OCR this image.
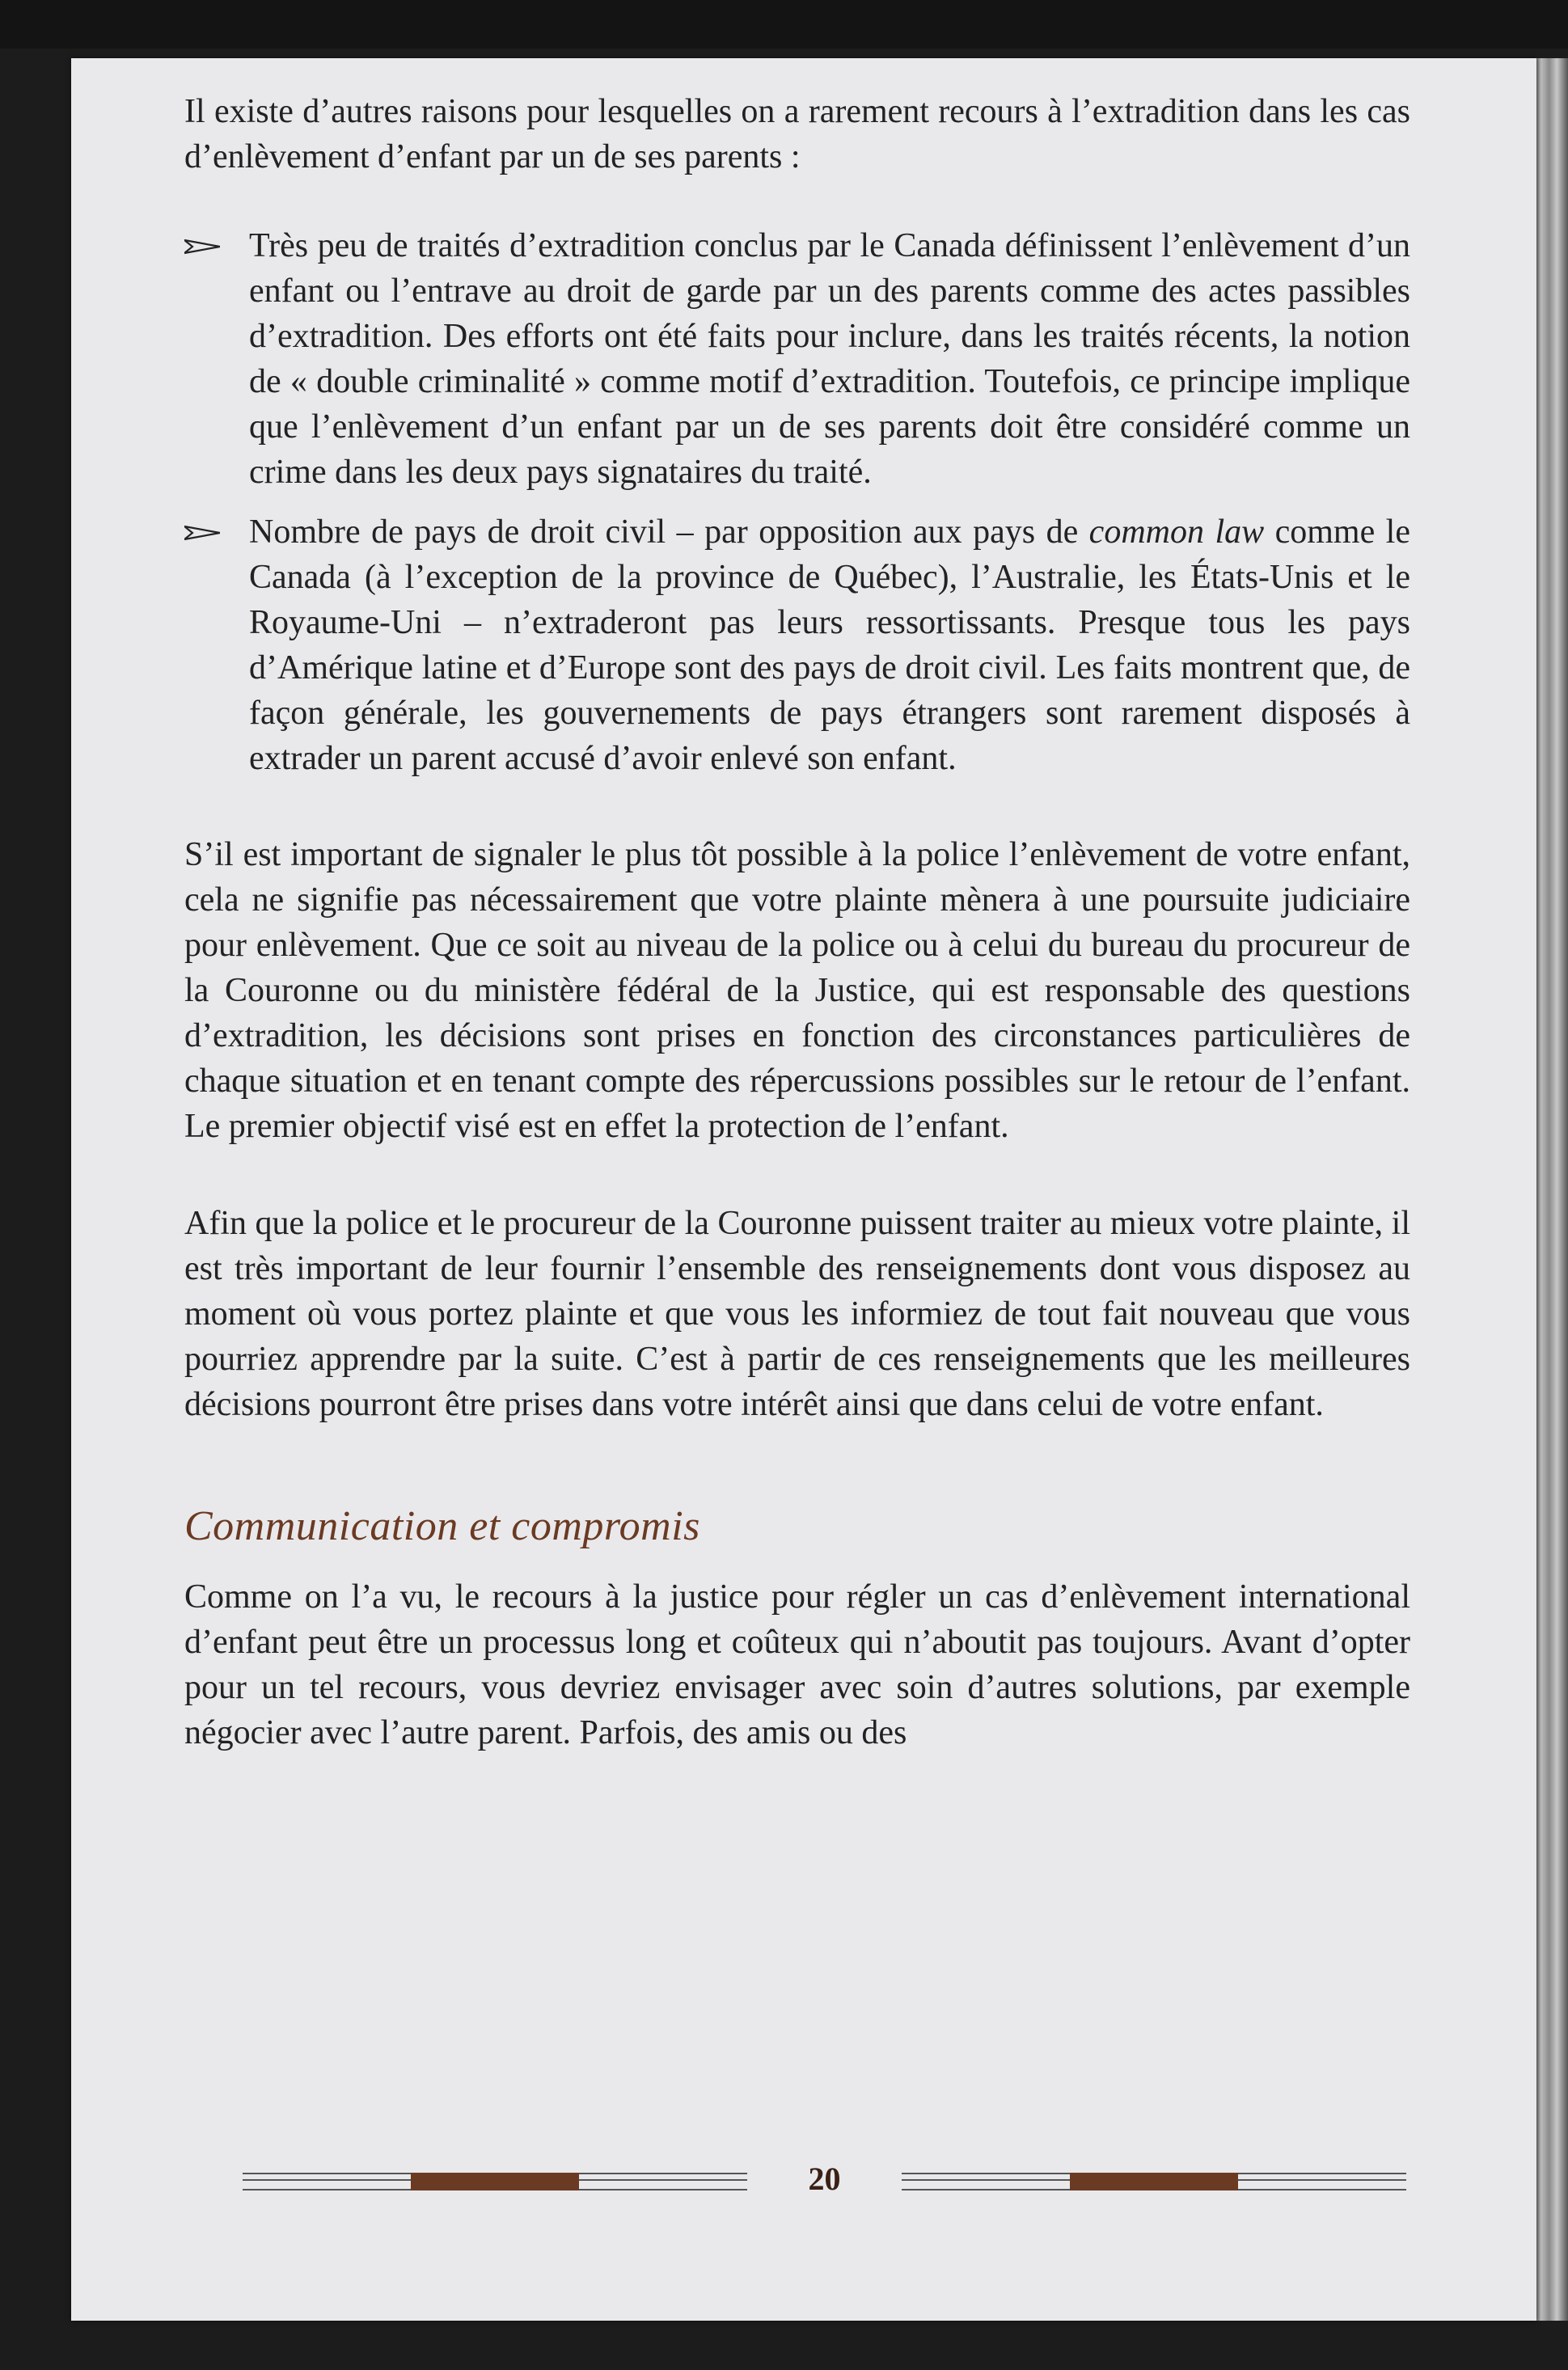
Il existe d’autres raisons pour lesquelles on a rarement recours à l’extradition dans les cas d’enlèvement d’enfant par un de ses parents :

Très peu de traités d’extradition conclus par le Canada définissent l’enlèvement d’un enfant ou l’entrave au droit de garde par un des parents comme des actes passibles d’extradition. Des efforts ont été faits pour inclure, dans les traités récents, la notion de « double criminalité » comme motif d’extradition. Toutefois, ce principe implique que l’enlèvement d’un enfant par un de ses parents doit être considéré comme un crime dans les deux pays signataires du traité.
Nombre de pays de droit civil – par opposition aux pays de common law comme le Canada (à l’exception de la province de Québec), l’Australie, les États-Unis et le Royaume-Uni – n’extraderont pas leurs ressortissants. Presque tous les pays d’Amérique latine et d’Europe sont des pays de droit civil. Les faits montrent que, de façon générale, les gouvernements de pays étrangers sont rarement disposés à extrader un parent accusé d’avoir enlevé son enfant.

S’il est important de signaler le plus tôt possible à la police l’enlèvement de votre enfant, cela ne signifie pas nécessairement que votre plainte mènera à une poursuite judiciaire pour enlèvement. Que ce soit au niveau de la police ou à celui du bureau du procureur de la Couronne ou du ministère fédéral de la Justice, qui est responsable des questions d’extradition, les décisions sont prises en fonction des circonstances particulières de chaque situation et en tenant compte des répercussions possibles sur le retour de l’enfant. Le premier objectif visé est en effet la protection de l’enfant.

Afin que la police et le procureur de la Couronne puissent traiter au mieux votre plainte, il est très important de leur fournir l’ensemble des renseignements dont vous disposez au moment où vous portez plainte et que vous les informiez de tout fait nouveau que vous pourriez apprendre par la suite. C’est à partir de ces renseignements que les meilleures décisions pourront être prises dans votre intérêt ainsi que dans celui de votre enfant.

Communication et compromis

Comme on l’a vu, le recours à la justice pour régler un cas d’enlèvement international d’enfant peut être un processus long et coûteux qui n’aboutit pas toujours. Avant d’opter pour un tel recours, vous devriez envisager avec soin d’autres solutions, par exemple négocier avec l’autre parent. Parfois, des amis ou des

20
